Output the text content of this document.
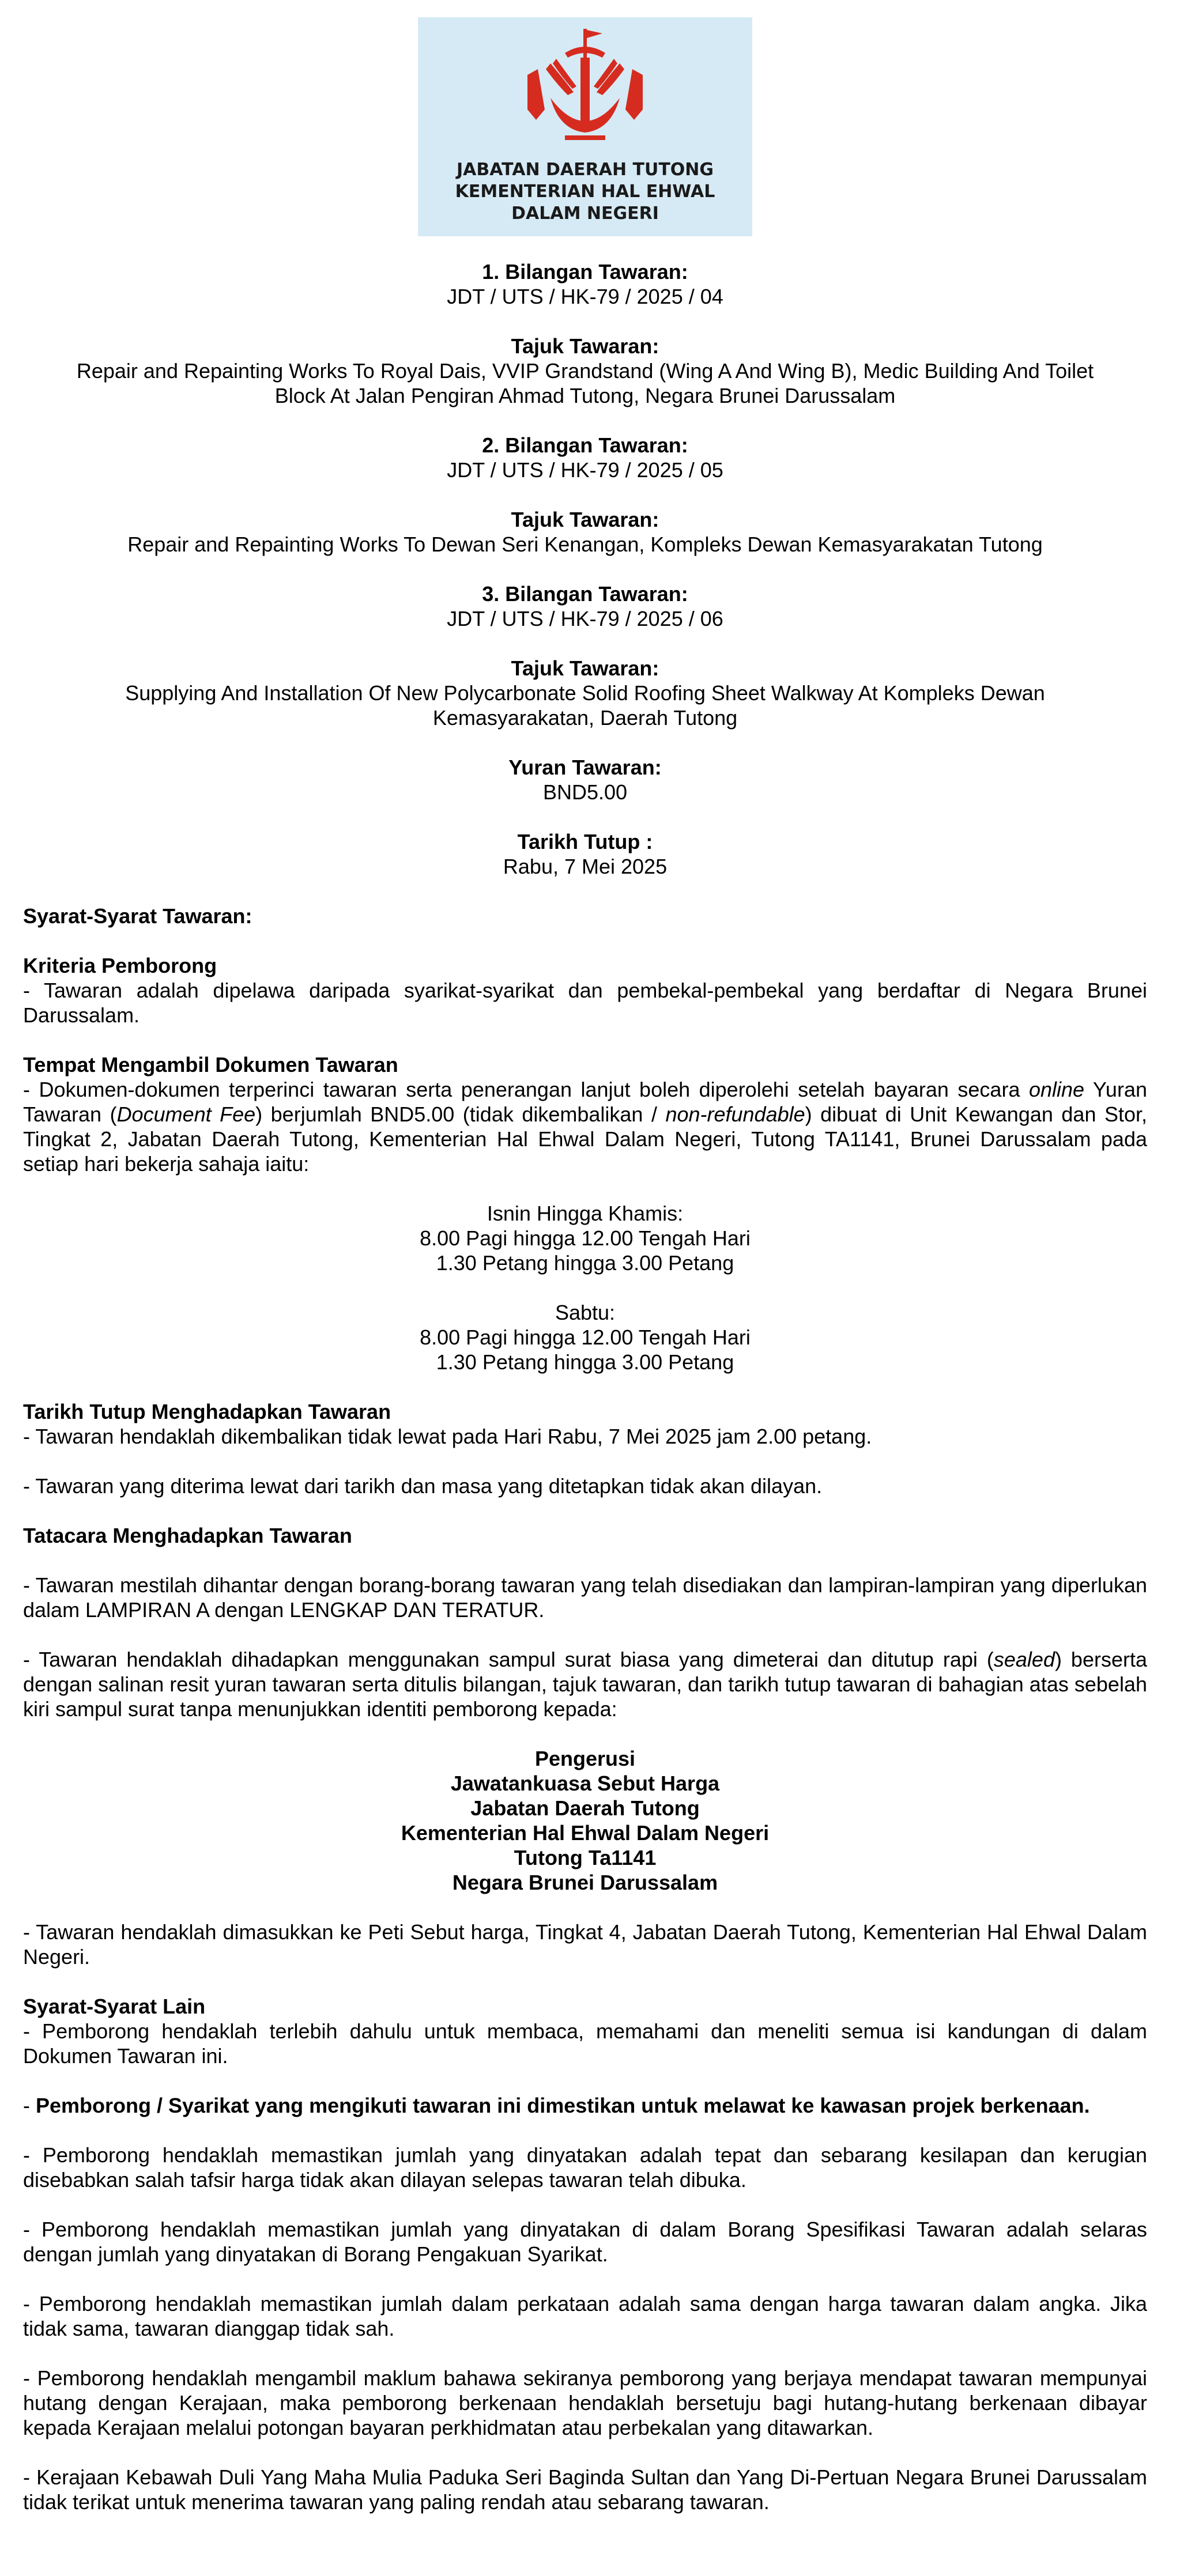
JABATAN DAERAH TUTONG
KEMENTERIAN HAL EHWAL
DALAM NEGERI

1. Bilangan Tawaran:

JDT / UTS / HK-79 / 2025 / 04

Tajuk Tawaran:

Repair and Repainting Works To Royal Dais, VVIP Grandstand (Wing A And Wing B), Medic Building And Toilet

Block At Jalan Pengiran Ahmad Tutong, Negara Brunei Darussalam

2. Bilangan Tawaran:

JDT / UTS / HK-79 / 2025 / 05

Tajuk Tawaran:

Repair and Repainting Works To Dewan Seri Kenangan, Kompleks Dewan Kemasyarakatan Tutong

3. Bilangan Tawaran:

JDT / UTS / HK-79 / 2025 / 06

Tajuk Tawaran:

Supplying And Installation Of New Polycarbonate Solid Roofing Sheet Walkway At Kompleks Dewan

Kemasyarakatan, Daerah Tutong

Yuran Tawaran:

BND5.00

Tarikh Tutup :

Rabu, 7 Mei 2025

Syarat-Syarat Tawaran:

Kriteria Pemborong

- Tawaran adalah dipelawa daripada syarikat-syarikat dan pembekal-pembekal yang berdaftar di Negara Brunei Darussalam.

Tempat Mengambil Dokumen Tawaran

- Dokumen-dokumen terperinci tawaran serta penerangan lanjut boleh diperolehi setelah bayaran secara online Yuran Tawaran (Document Fee) berjumlah BND5.00 (tidak dikembalikan / non-refundable) dibuat di Unit Kewangan dan Stor, Tingkat 2, Jabatan Daerah Tutong, Kementerian Hal Ehwal Dalam Negeri, Tutong TA1141, Brunei Darussalam pada setiap hari bekerja sahaja iaitu:

Isnin Hingga Khamis:

8.00 Pagi hingga 12.00 Tengah Hari

1.30 Petang hingga 3.00 Petang

Sabtu:

8.00 Pagi hingga 12.00 Tengah Hari

1.30 Petang hingga 3.00 Petang

Tarikh Tutup Menghadapkan Tawaran

- Tawaran hendaklah dikembalikan tidak lewat pada Hari Rabu, 7 Mei 2025 jam 2.00 petang.

- Tawaran yang diterima lewat dari tarikh dan masa yang ditetapkan tidak akan dilayan.

Tatacara Menghadapkan Tawaran

- Tawaran mestilah dihantar dengan borang-borang tawaran yang telah disediakan dan lampiran-lampiran yang diperlukan dalam LAMPIRAN A dengan LENGKAP DAN TERATUR.

- Tawaran hendaklah dihadapkan menggunakan sampul surat biasa yang dimeterai dan ditutup rapi (sealed) berserta dengan salinan resit yuran tawaran serta ditulis bilangan, tajuk tawaran, dan tarikh tutup tawaran di bahagian atas sebelah kiri sampul surat tanpa menunjukkan identiti pemborong kepada:

Pengerusi

Jawatankuasa Sebut Harga

Jabatan Daerah Tutong

Kementerian Hal Ehwal Dalam Negeri

Tutong Ta1141

Negara Brunei Darussalam

- Tawaran hendaklah dimasukkan ke Peti Sebut harga, Tingkat 4, Jabatan Daerah Tutong, Kementerian Hal Ehwal Dalam Negeri.

Syarat-Syarat Lain

- Pemborong hendaklah terlebih dahulu untuk membaca, memahami dan meneliti semua isi kandungan di dalam Dokumen Tawaran ini.

- Pemborong / Syarikat yang mengikuti tawaran ini dimestikan untuk melawat ke kawasan projek berkenaan.

- Pemborong hendaklah memastikan jumlah yang dinyatakan adalah tepat dan sebarang kesilapan dan kerugian disebabkan salah tafsir harga tidak akan dilayan selepas tawaran telah dibuka.

- Pemborong hendaklah memastikan jumlah yang dinyatakan di dalam Borang Spesifikasi Tawaran adalah selaras dengan jumlah yang dinyatakan di Borang Pengakuan Syarikat.

- Pemborong hendaklah memastikan jumlah dalam perkataan adalah sama dengan harga tawaran dalam angka. Jika tidak sama, tawaran dianggap tidak sah.

- Pemborong hendaklah mengambil maklum bahawa sekiranya pemborong yang berjaya mendapat tawaran mempunyai hutang dengan Kerajaan, maka pemborong berkenaan hendaklah bersetuju bagi hutang-hutang berkenaan dibayar kepada Kerajaan melalui potongan bayaran perkhidmatan atau perbekalan yang ditawarkan.

- Kerajaan Kebawah Duli Yang Maha Mulia Paduka Seri Baginda Sultan dan Yang Di-Pertuan Negara Brunei Darussalam tidak terikat untuk menerima tawaran yang paling rendah atau sebarang tawaran.
